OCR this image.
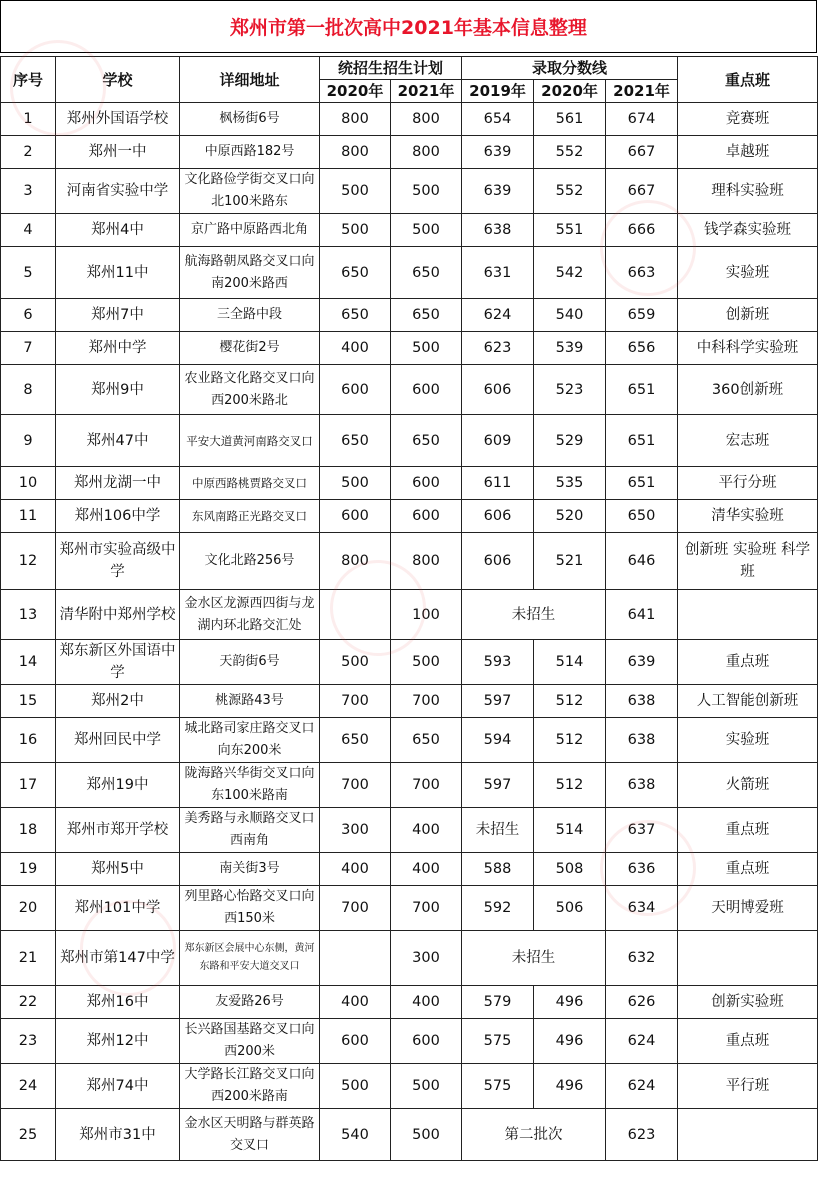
郑州市第一批次高中2021年基本信息整理
序号	学校	详细地址	统招生招生计划		录取分数线			重点班
			2020年	2021年	2019年	2020年	2021年	
1	郑州外国语学校	枫杨街6号	800	800	654	561	674	竞赛班
2	郑州一中	中原西路182号	800	800	639	552	667	卓越班
3	河南省实验中学	文化路俭学街交叉口向北100米路东	500	500	639	552	667	理科实验班
4	郑州4中	京广路中原路西北角	500	500	638	551	666	钱学森实验班
5	郑州11中	航海路朝凤路交叉口向南200米路西	650	650	631	542	663	实验班
6	郑州7中	三全路中段	650	650	624	540	659	创新班
7	郑州中学	樱花街2号	400	500	623	539	656	中科科学实验班
8	郑州9中	农业路文化路交叉口向西200米路北	600	600	606	523	651	360创新班
9	郑州47中	平安大道黄河南路交叉口	650	650	609	529	651	宏志班
10	郑州龙湖一中	中原西路桃贾路交叉口	500	600	611	535	651	平行分班
11	郑州106中学	东风南路正光路交叉口	600	600	606	520	650	清华实验班
12	郑州市实验高级中学	文化北路256号	800	800	606	521	646	创新班 实验班 科学班
13	清华附中郑州学校	金水区龙源西四街与龙湖内环北路交汇处		100	未招生		641	
14	郑东新区外国语中学	天韵街6号	500	500	593	514	639	重点班
15	郑州2中	桃源路43号	700	700	597	512	638	人工智能创新班
16	郑州回民中学	城北路司家庄路交叉口向东200米	650	650	594	512	638	实验班
17	郑州19中	陇海路兴华街交叉口向东100米路南	700	700	597	512	638	火箭班
18	郑州市郑开学校	美秀路与永顺路交叉口西南角	300	400	未招生	514	637	重点班
19	郑州5中	南关街3号	400	400	588	508	636	重点班
20	郑州101中学	列里路心怡路交叉口向西150米	700	700	592	506	634	天明博爱班
21	郑州市第147中学	郑东新区会展中心东侧，黄河东路和平安大道交叉口		300	未招生		632	
22	郑州16中	友爱路26号	400	400	579	496	626	创新实验班
23	郑州12中	长兴路国基路交叉口向西200米	600	600	575	496	624	重点班
24	郑州74中	大学路长江路交叉口向西200米路南	500	500	575	496	624	平行班
25	郑州市31中	金水区天明路与群英路交叉口	540	500	第二批次		623	
